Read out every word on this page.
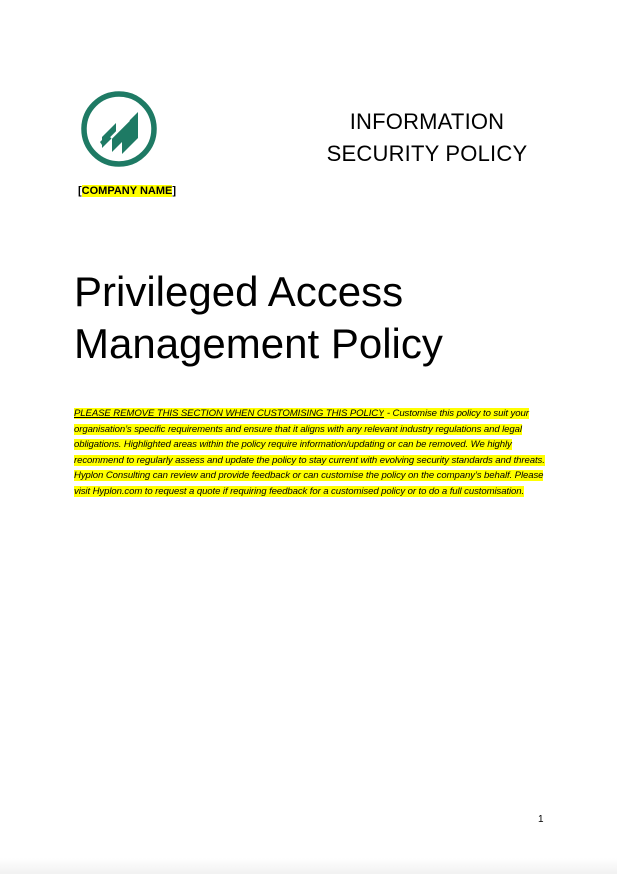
[COMPANY NAME]
INFORMATION
SECURITY POLICY
Privileged Access
Management Policy
PLEASE REMOVE THIS SECTION WHEN CUSTOMISING THIS POLICY - Customise this policy to suit your organisation’s specific requirements and ensure that it aligns with any relevant industry regulations and legal obligations. Highlighted areas within the policy require information/updating or can be removed. We highly recommend to regularly assess and update the policy to stay current with evolving security standards and threats. Hyplon Consulting can review and provide feedback or can customise the policy on the company’s behalf. Please visit Hyplon.com to request a quote if requiring feedback for a customised policy or to do a full customisation.
1
